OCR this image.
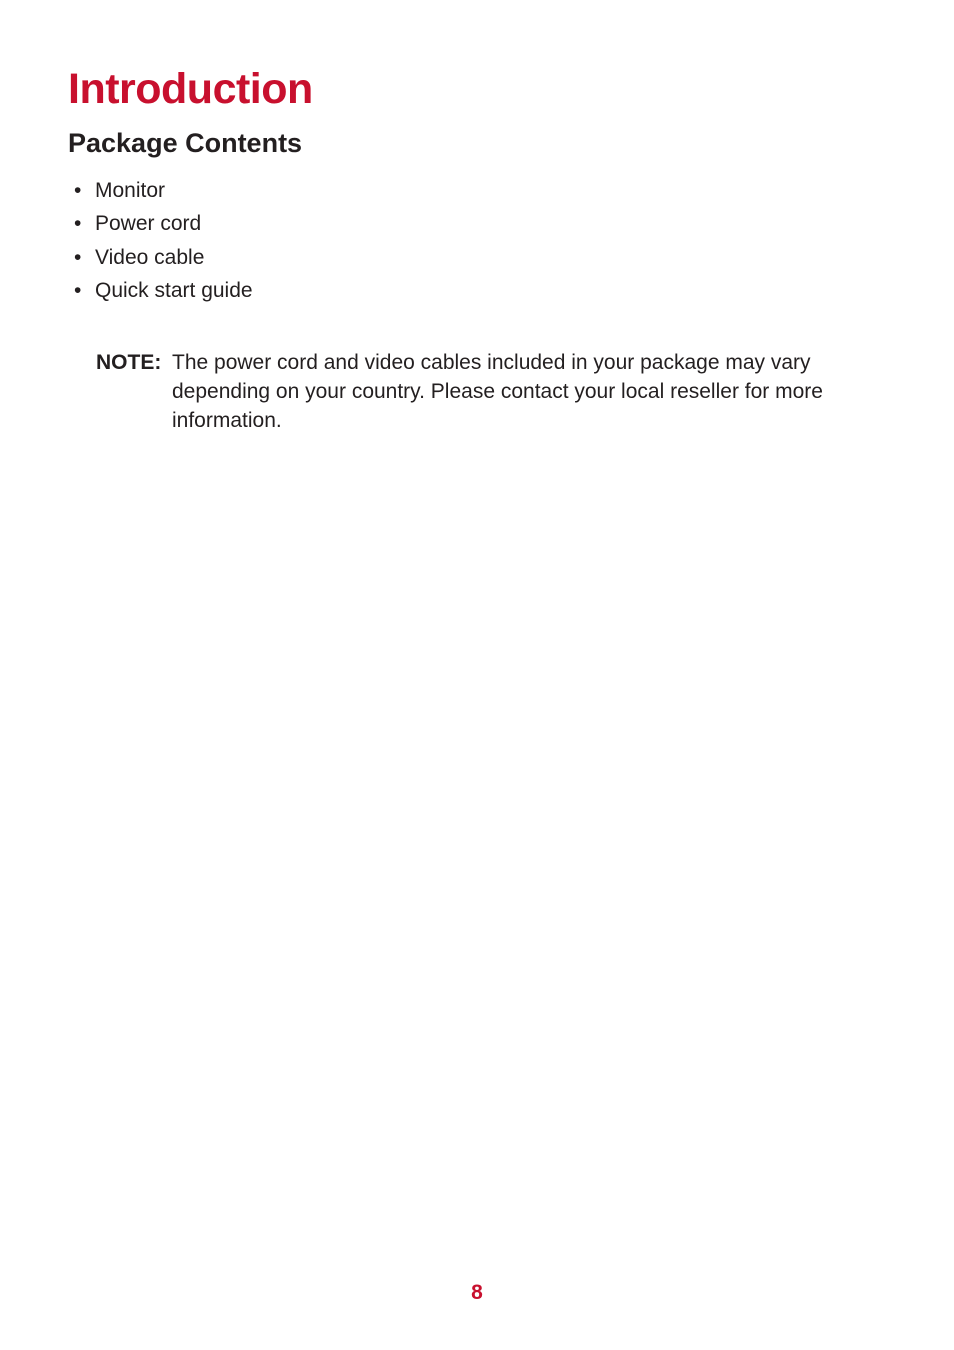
Introduction
Package Contents
• Monitor
• Power cord
• Video cable
• Quick start guide
NOTE: The power cord and video cables included in your package may vary depending on your country. Please contact your local reseller for more information.
8
